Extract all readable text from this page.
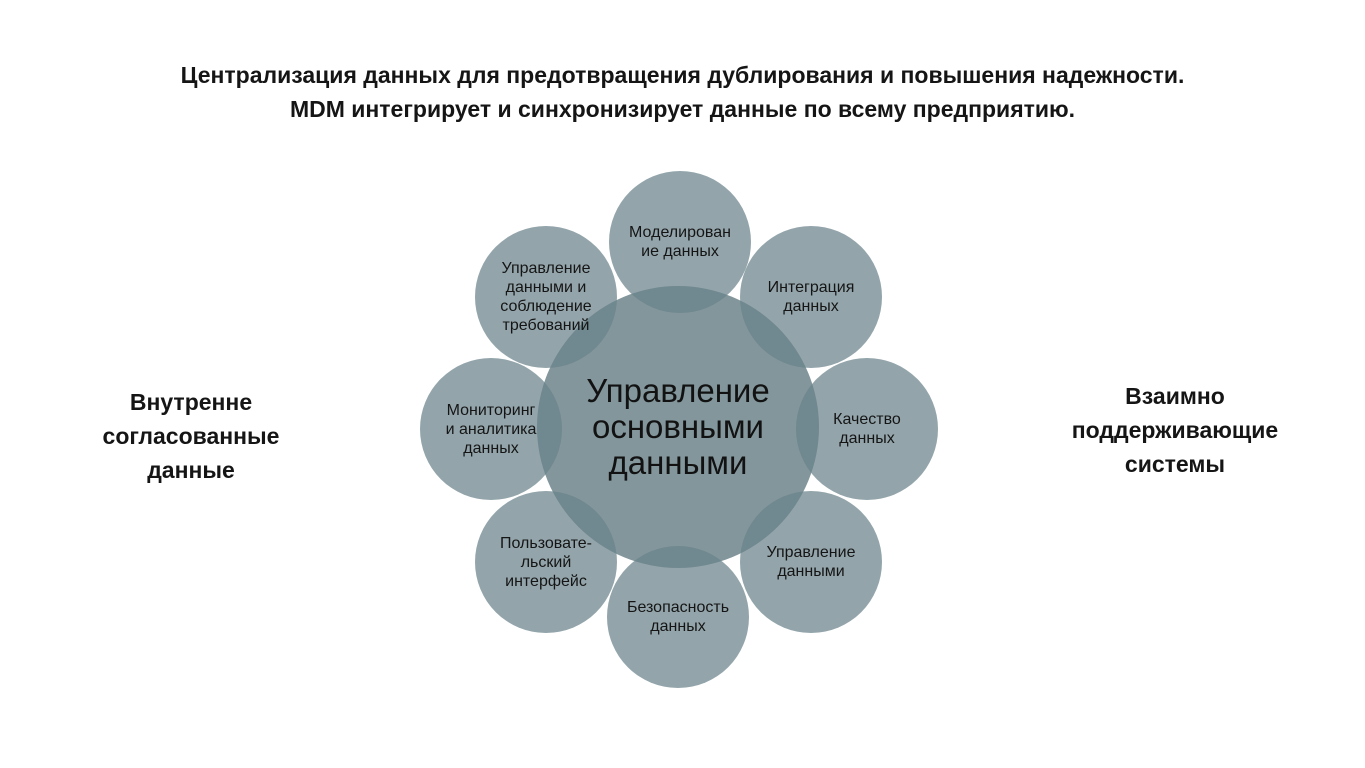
Централизация данных для предотвращения дублирования и повышения надежности.
MDM интегрирует и синхронизирует данные по всему предприятию.
Внутренне
согласованные
данные
Взаимно
поддерживающие
системы
Управление
основными
данными
Моделирован
ие данных
Интеграция
данных
Качество
данных
Управление
данными
Безопасность
данных
Пользовате-
льский
интерфейс
Мониторинг
и аналитика
данных
Управление
данными и
соблюдение
требований
